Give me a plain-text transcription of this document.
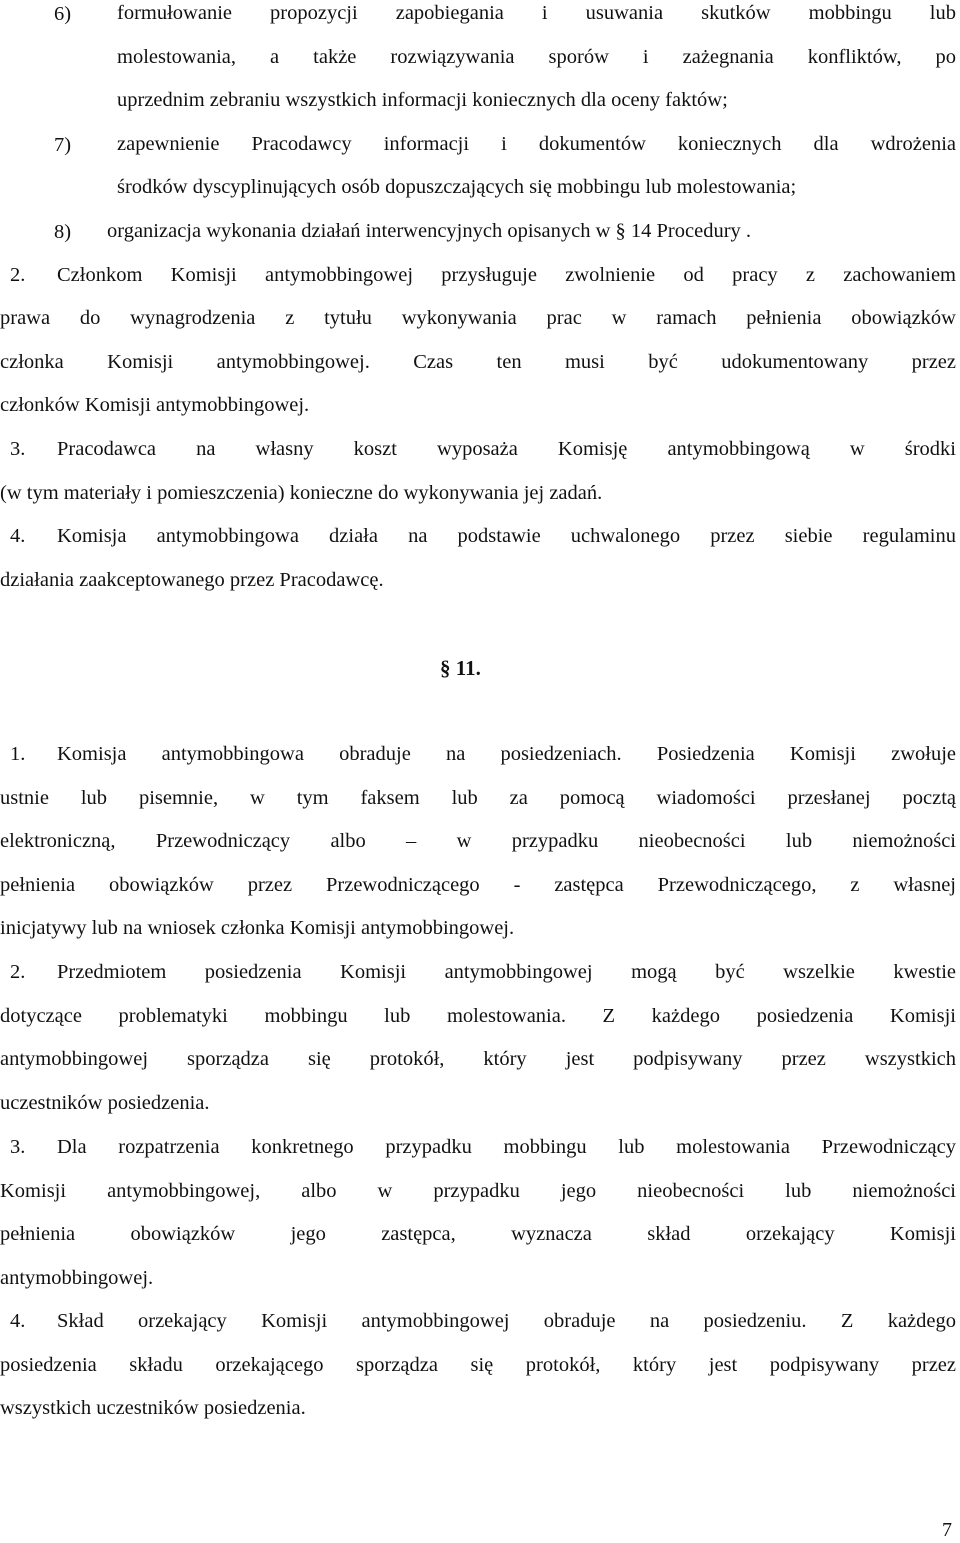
6) formułowanie propozycji zapobiegania i usuwania skutków mobbingu lub
molestowania, a także rozwiązywania sporów i zażegnania konfliktów, po
uprzednim zebraniu wszystkich informacji koniecznych dla oceny faktów;
7) zapewnienie Pracodawcy informacji i dokumentów koniecznych dla wdrożenia
środków dyscyplinujących osób dopuszczających się mobbingu lub molestowania;
8) organizacja wykonania działań interwencyjnych opisanych w § 14 Procedury .
2. Członkom Komisji antymobbingowej przysługuje zwolnienie od pracy z zachowaniem
prawa do wynagrodzenia z tytułu wykonywania prac w ramach pełnienia obowiązków
członka Komisji antymobbingowej. Czas ten musi być udokumentowany przez
członków Komisji antymobbingowej.
3. Pracodawca na własny koszt wyposaża Komisję antymobbingową w środki
(w tym materiały i pomieszczenia) konieczne do wykonywania jej zadań.
4. Komisja antymobbingowa działa na podstawie uchwalonego przez siebie regulaminu
działania zaakceptowanego przez Pracodawcę.
§ 11.
1. Komisja antymobbingowa obraduje na posiedzeniach. Posiedzenia Komisji zwołuje
ustnie lub pisemnie, w tym faksem lub za pomocą wiadomości przesłanej pocztą
elektroniczną, Przewodniczący albo – w przypadku nieobecności lub niemożności
pełnienia obowiązków przez Przewodniczącego - zastępca Przewodniczącego, z własnej
inicjatywy lub na wniosek członka Komisji antymobbingowej.
2. Przedmiotem posiedzenia Komisji antymobbingowej mogą być wszelkie kwestie
dotyczące problematyki mobbingu lub molestowania. Z każdego posiedzenia Komisji
antymobbingowej sporządza się protokół, który jest podpisywany przez wszystkich
uczestników posiedzenia.
3. Dla rozpatrzenia konkretnego przypadku mobbingu lub molestowania Przewodniczący
Komisji antymobbingowej, albo w przypadku jego nieobecności lub niemożności
pełnienia obowiązków jego zastępca, wyznacza skład orzekający Komisji
antymobbingowej.
4. Skład orzekający Komisji antymobbingowej obraduje na posiedzeniu. Z każdego
posiedzenia składu orzekającego sporządza się protokół, który jest podpisywany przez
wszystkich uczestników posiedzenia.
7
